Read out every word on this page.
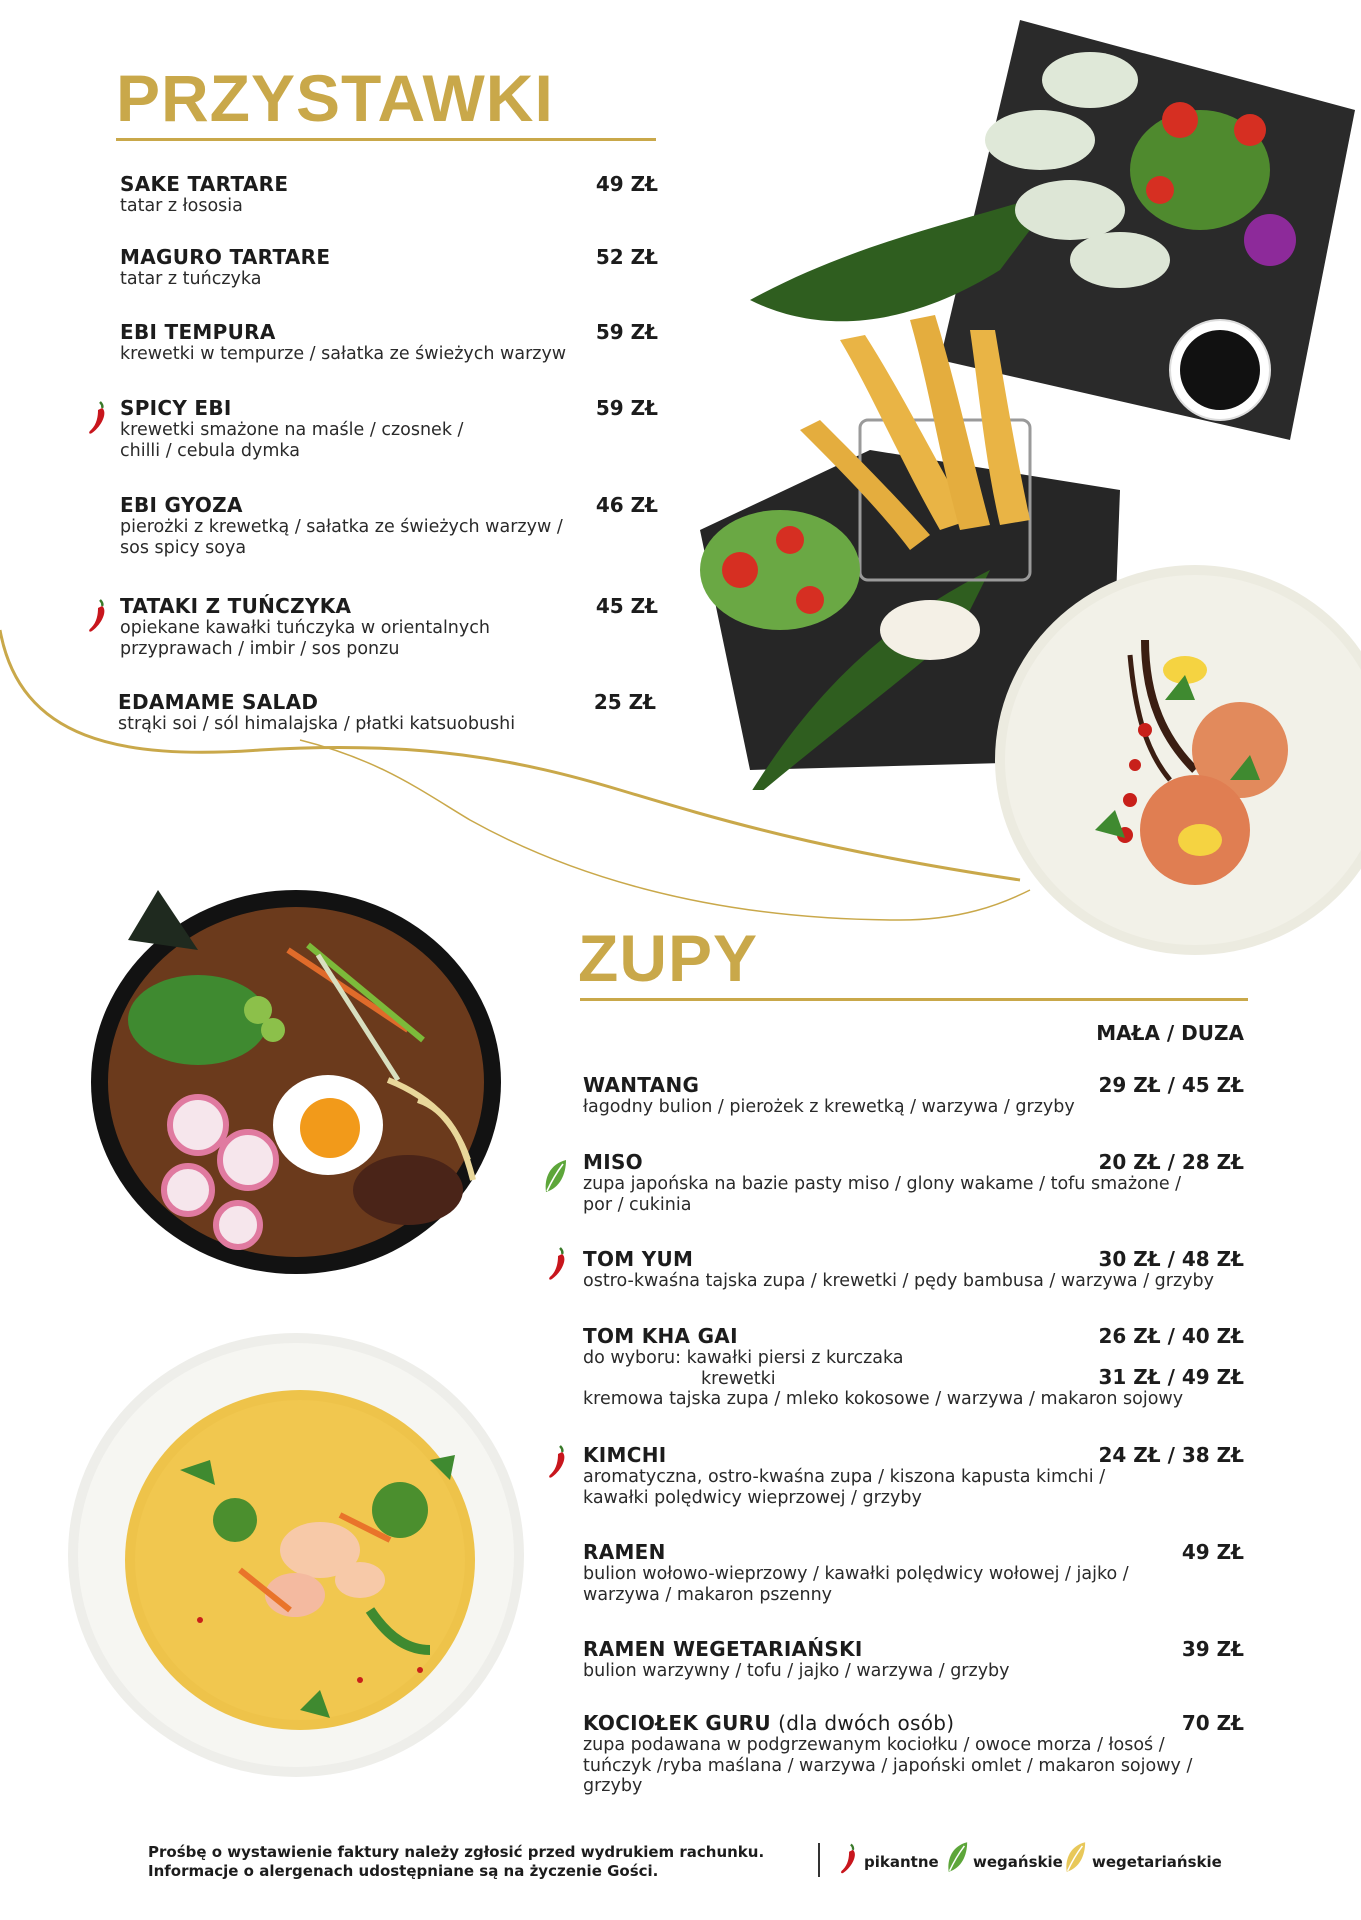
PRZYSTAWKI
SAKE TARTARE
tatar z łososia
49 ZŁ
MAGURO TARTARE
tatar z tuńczyka
52 ZŁ
EBI TEMPURA
krewetki w tempurze / sałatka ze świeżych warzyw
59 ZŁ
SPICY EBI
krewetki smażone na maśle / czosnek /
chilli / cebula dymka
59 ZŁ
EBI GYOZA
pierożki z krewetką / sałatka ze świeżych warzyw /
sos spicy soya
46 ZŁ
TATAKI Z TUŃCZYKA
opiekane kawałki tuńczyka w orientalnych
przyprawach / imbir / sos ponzu
45 ZŁ
EDAMAME SALAD
strąki soi / sól himalajska / płatki katsuobushi
25 ZŁ
ZUPY
MAŁA / DUZA
WANTANG
łagodny bulion / pierożek z krewetką / warzywa / grzyby
29 ZŁ / 45 ZŁ
MISO
zupa japońska na bazie pasty miso / glony wakame / tofu smażone /
por / cukinia
20 ZŁ / 28 ZŁ
TOM YUM
ostro-kwaśna tajska zupa / krewetki / pędy bambusa / warzywa / grzyby
30 ZŁ / 48 ZŁ
TOM KHA GAI
do wyboru: kawałki piersi z kurczaka
krewetki
kremowa tajska zupa / mleko kokosowe / warzywa / makaron sojowy
26 ZŁ / 40 ZŁ
31 ZŁ / 49 ZŁ
KIMCHI
aromatyczna, ostro-kwaśna zupa / kiszona kapusta kimchi /
kawałki polędwicy wieprzowej / grzyby
24 ZŁ / 38 ZŁ
RAMEN
bulion wołowo-wieprzowy / kawałki polędwicy wołowej / jajko /
warzywa / makaron pszenny
49 ZŁ
RAMEN WEGETARIAŃSKI
bulion warzywny / tofu / jajko / warzywa / grzyby
39 ZŁ
KOCIOŁEK GURU (dla dwóch osób)
zupa podawana w podgrzewanym kociołku / owoce morza / łosoś /
tuńczyk /ryba maślana / warzywa / japoński omlet / makaron sojowy /
grzyby
70 ZŁ
Prośbę o wystawienie faktury należy zgłosić przed wydrukiem rachunku.
Informacje o alergenach udostępniane są na życzenie Gości.	pikantne wegańskie wegetariańskie
